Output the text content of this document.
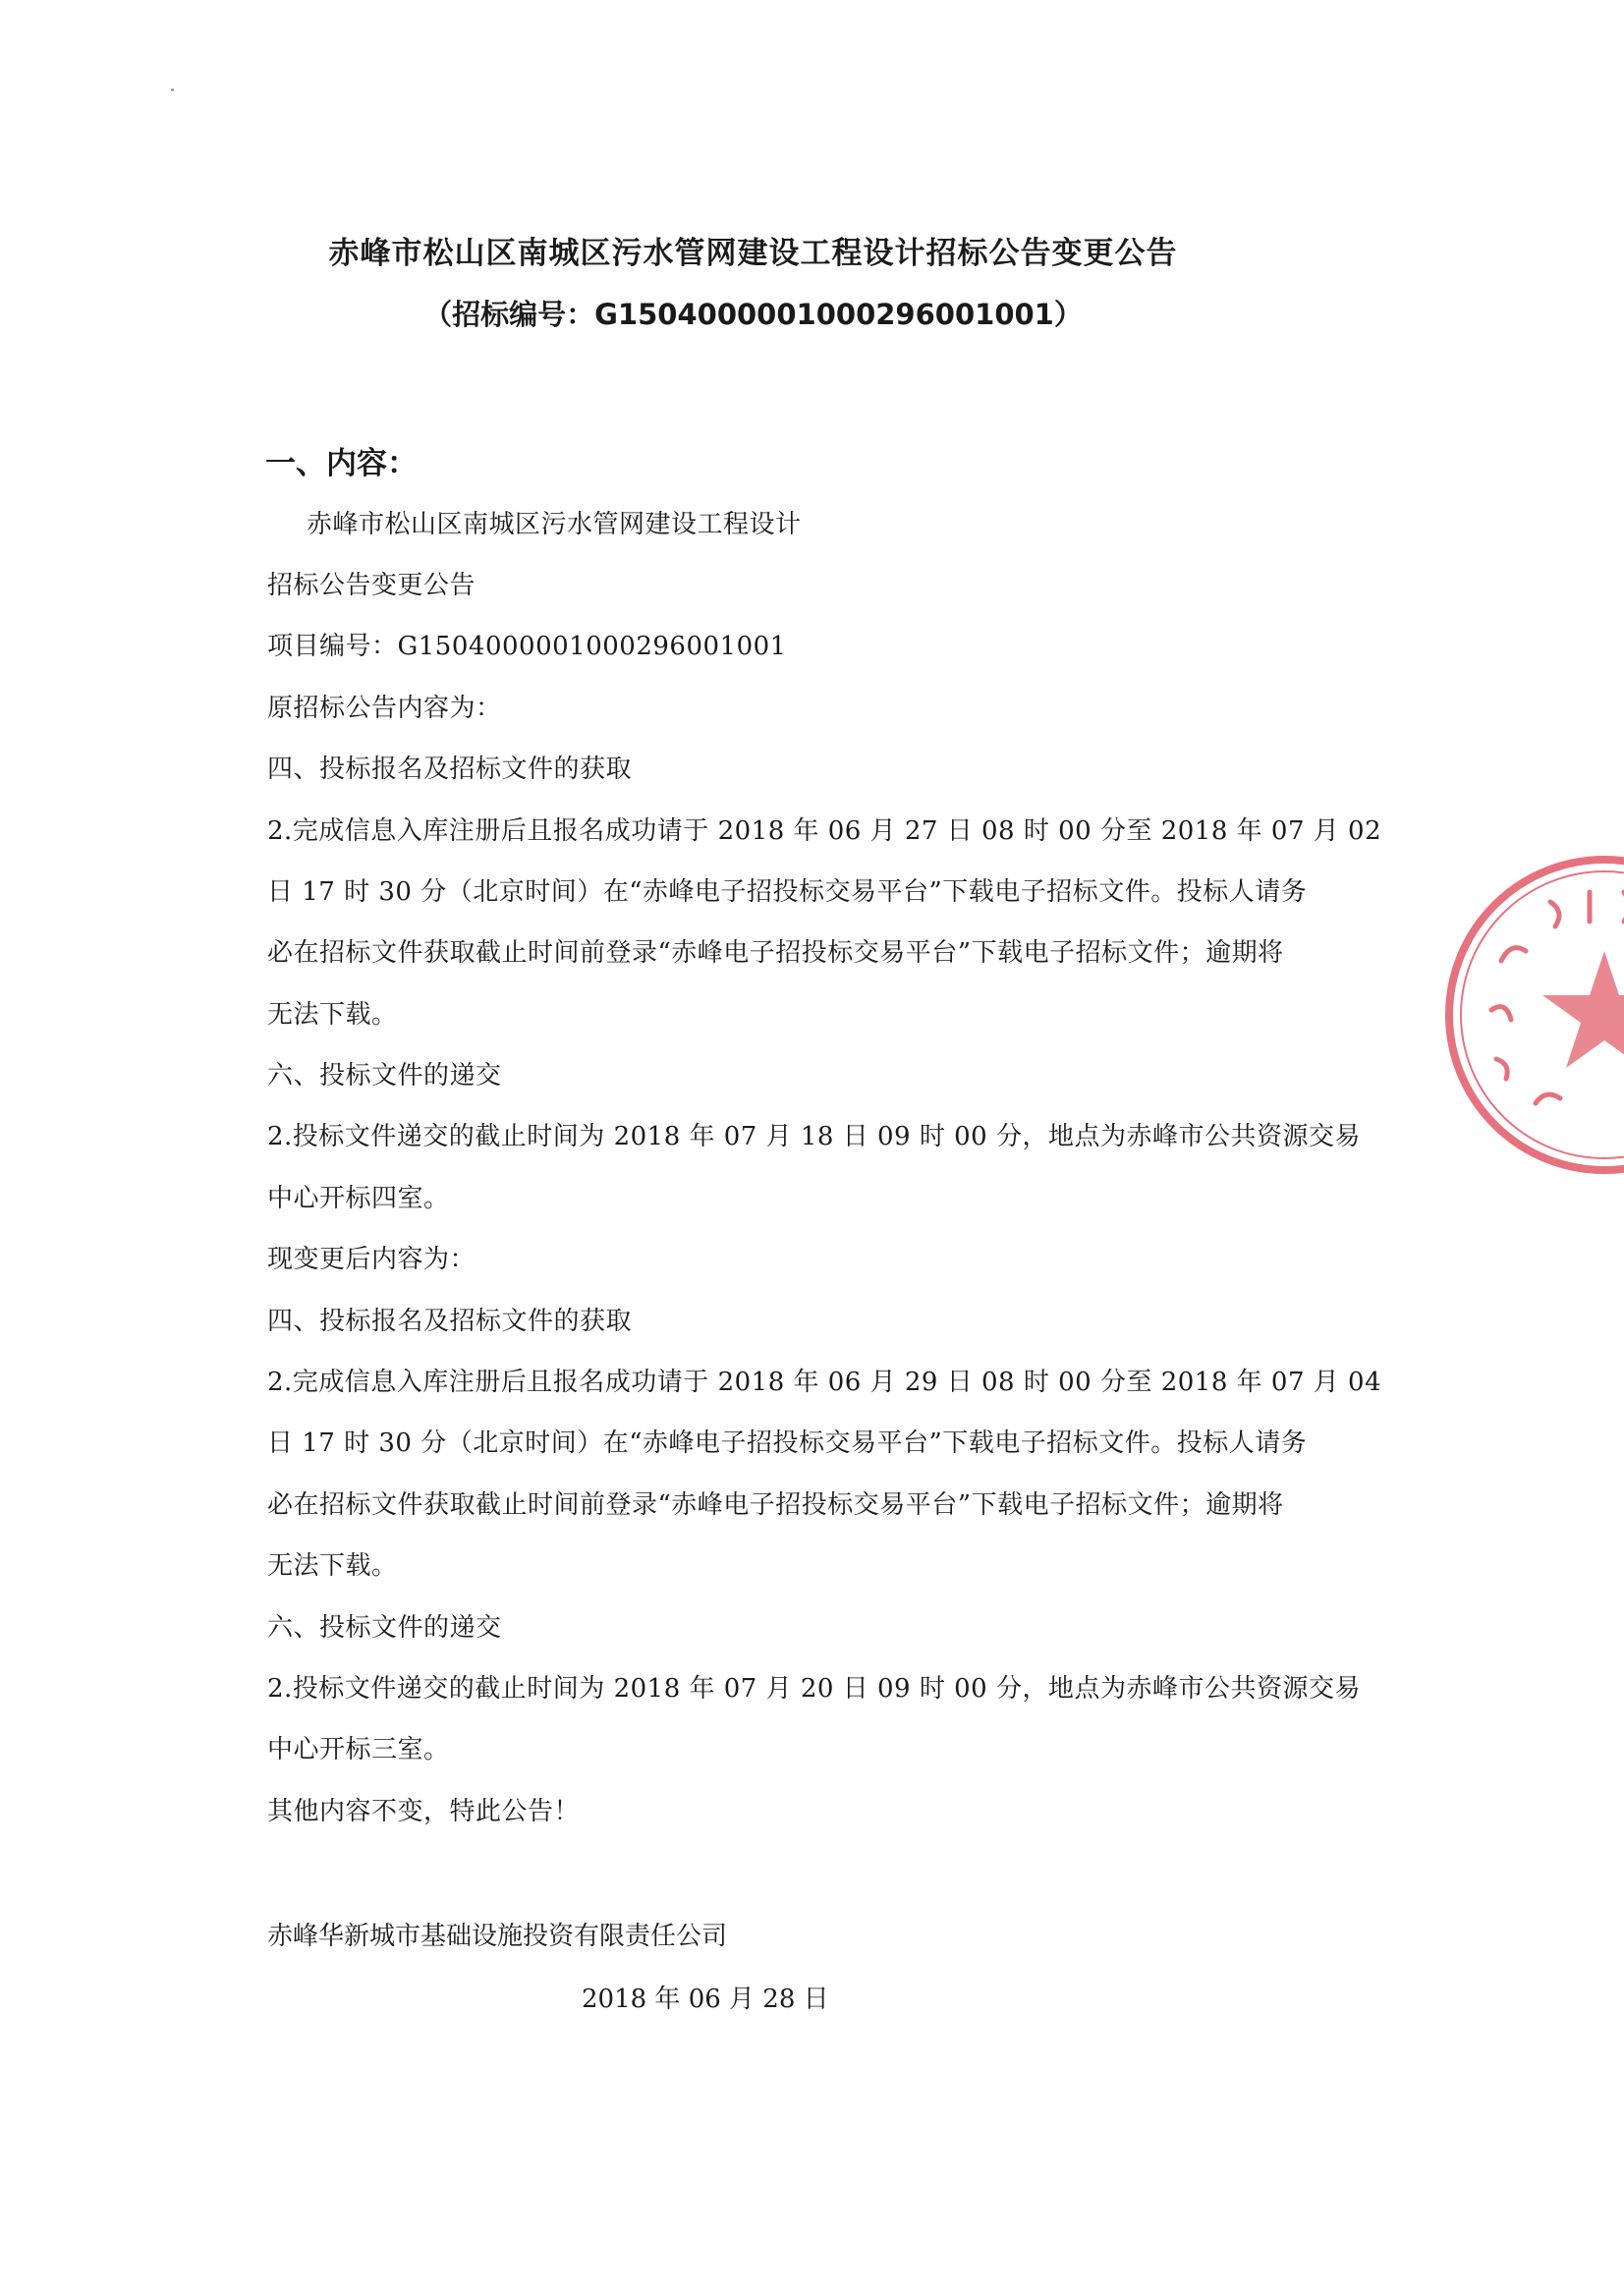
赤峰市松山区南城区污水管网建设工程设计招标公告变更公告
（招标编号：G1504000001000296001001）
一、内容：
赤峰市松山区南城区污水管网建设工程设计
招标公告变更公告
项目编号：G1504000001000296001001
原招标公告内容为：
四、投标报名及招标文件的获取
2.完成信息入库注册后且报名成功请于 2018 年 06 月 27 日 08 时 00 分至 2018 年 07 月 02
日 17 时 30 分（北京时间）在“赤峰电子招投标交易平台”下载电子招标文件。投标人请务
必在招标文件获取截止时间前登录“赤峰电子招投标交易平台”下载电子招标文件；逾期将
无法下载。
六、投标文件的递交
2.投标文件递交的截止时间为 2018 年 07 月 18 日 09 时 00 分，地点为赤峰市公共资源交易
中心开标四室。
现变更后内容为：
四、投标报名及招标文件的获取
2.完成信息入库注册后且报名成功请于 2018 年 06 月 29 日 08 时 00 分至 2018 年 07 月 04
日 17 时 30 分（北京时间）在“赤峰电子招投标交易平台”下载电子招标文件。投标人请务
必在招标文件获取截止时间前登录“赤峰电子招投标交易平台”下载电子招标文件；逾期将
无法下载。
六、投标文件的递交
2.投标文件递交的截止时间为 2018 年 07 月 20 日 09 时 00 分，地点为赤峰市公共资源交易
中心开标三室。
其他内容不变，特此公告！
赤峰华新城市基础设施投资有限责任公司
2018 年 06 月 28 日
